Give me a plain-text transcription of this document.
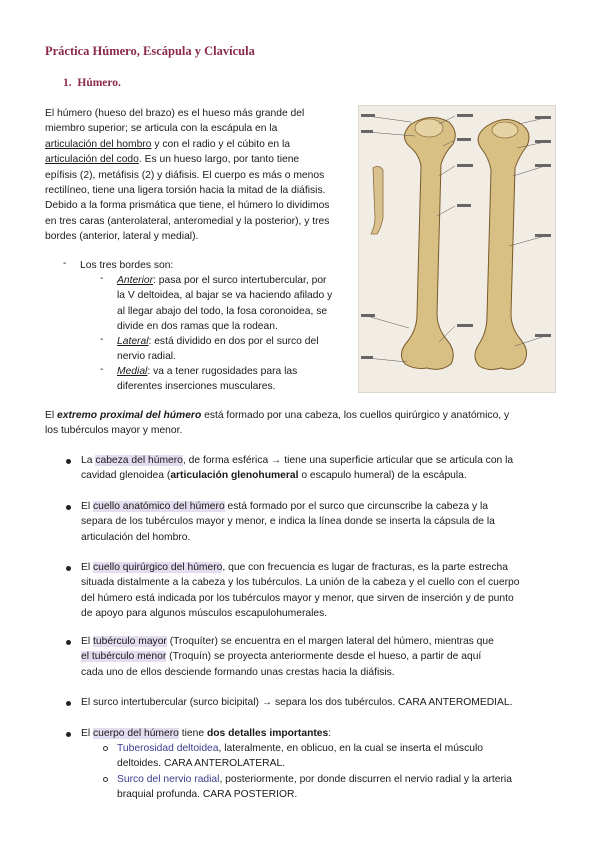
Práctica Húmero, Escápula y Clavícula
1. Húmero.
El húmero (hueso del brazo) es el hueso más grande del
miembro superior; se articula con la escápula en la
articulación del hombro y con el radio y el cúbito en la
articulación del codo. Es un hueso largo, por tanto tiene
epífisis (2), metáfisis (2) y diáfisis. El cuerpo es más o menos
rectilíneo, tiene una ligera torsión hacia la mitad de la diáfisis.
Debido a la forma prismática que tiene, el húmero lo dividimos
en tres caras (anterolateral, anteromedial y la posterior), y tres
bordes (anterior, lateral y medial).
- Los tres bordes son:
- Anterior: pasa por el surco intertubercular, por
la V deltoidea, al bajar se va haciendo afilado y
al llegar abajo del todo, la fosa coronoidea, se
divide en dos ramas que la rodean.
- Lateral: está dividido en dos por el surco del
nervio radial.
- Medial: va a tener rugosidades para las
diferentes inserciones musculares.
El extremo proximal del húmero está formado por una cabeza, los cuellos quirúrgico y anatómico, y
los tubérculos mayor y menor.
La cabeza del húmero, de forma esférica → tiene una superficie articular que se articula con la
cavidad glenoidea (articulación glenohumeral o escapulo humeral) de la escápula.
El cuello anatómico del húmero está formado por el surco que circunscribe la cabeza y la
separa de los tubérculos mayor y menor, e indica la línea donde se inserta la cápsula de la
articulación del hombro.
El cuello quirúrgico del húmero, que con frecuencia es lugar de fracturas, es la parte estrecha
situada distalmente a la cabeza y los tubérculos. La unión de la cabeza y el cuello con el cuerpo
del húmero está indicada por los tubérculos mayor y menor, que sirven de inserción y de punto
de apoyo para algunos músculos escapulohumerales.
El tubérculo mayor (Troquíter) se encuentra en el margen lateral del húmero, mientras que
el tubérculo menor (Troquín) se proyecta anteriormente desde el hueso, a partir de aquí
cada uno de ellos desciende formando unas crestas hacia la diáfisis.
El surco intertubercular (surco bicipital) → separa los dos tubérculos. CARA ANTEROMEDIAL.
El cuerpo del húmero tiene dos detalles importantes:
Tuberosidad deltoidea, lateralmente, en oblicuo, en la cual se inserta el músculo
deltoides. CARA ANTEROLATERAL.
Surco del nervio radial, posteriormente, por donde discurren el nervio radial y la arteria
braquial profunda. CARA POSTERIOR.
